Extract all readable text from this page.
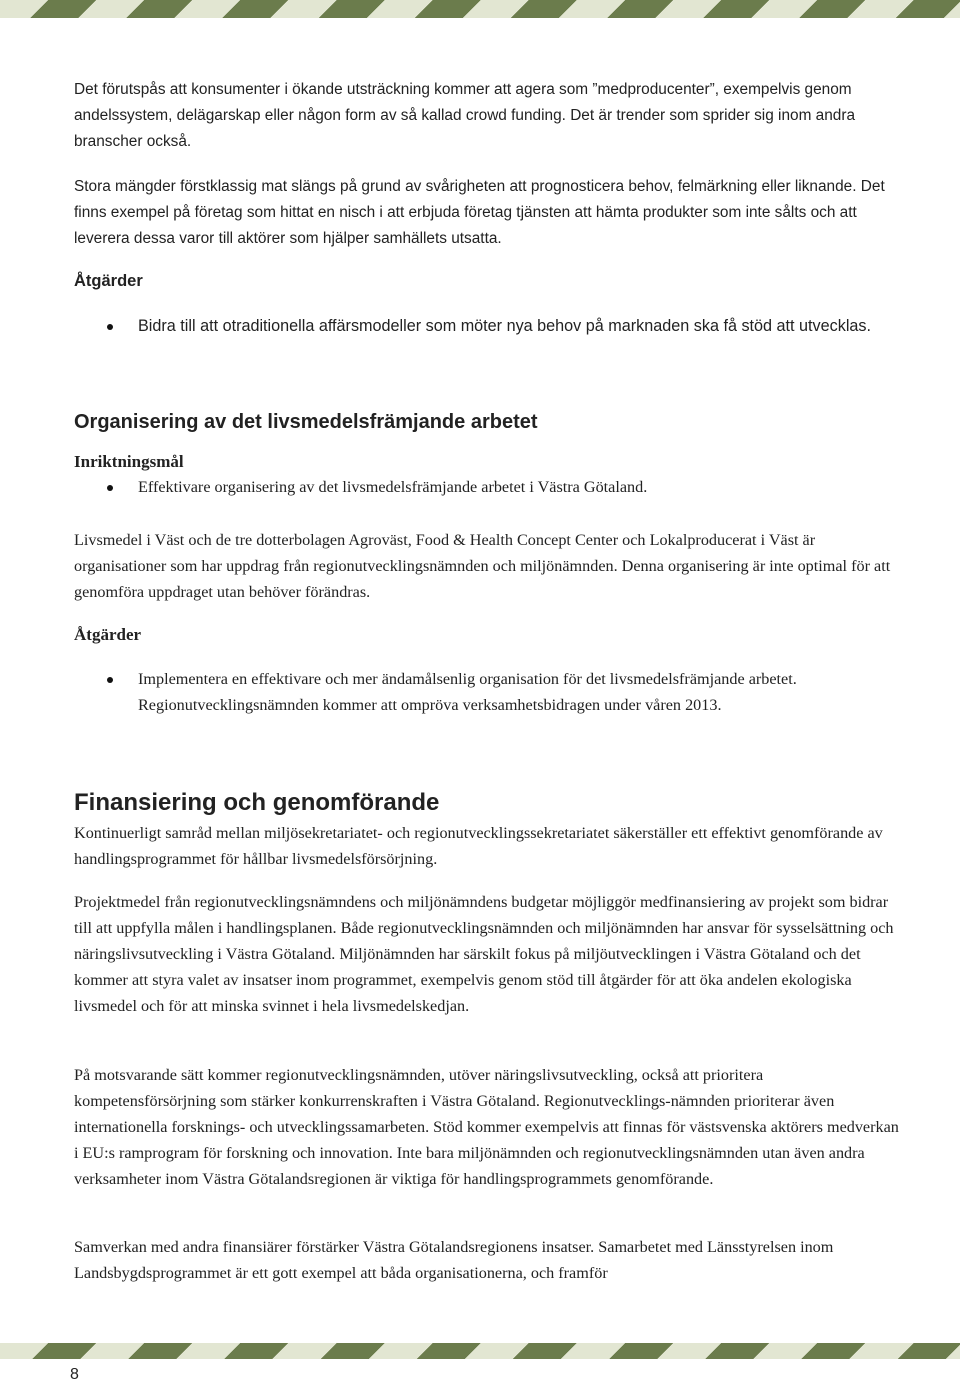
Det förutspås att konsumenter i ökande utsträckning kommer att agera som ”medproducenter”, exempelvis genom andelssystem, delägarskap eller någon form av så kallad crowd funding. Det är trender som sprider sig inom andra branscher också.

Stora mängder förstklassig mat slängs på grund av svårigheten att prognosticera behov, felmärkning eller liknande. Det finns exempel på företag som hittat en nisch i att erbjuda företag tjänsten att hämta produkter som inte sålts och att leverera dessa varor till aktörer som hjälper samhällets utsatta.

Åtgärder
Bidra till att otraditionella affärsmodeller som möter nya behov på marknaden ska få stöd att utvecklas.
Organisering av det livsmedelsfrämjande arbetet
Inriktningsmål
Effektivare organisering av det livsmedelsfrämjande arbetet i Västra Götaland.

Livsmedel i Väst och de tre dotterbolagen Agroväst, Food & Health Concept Center och Lokalproducerat i Väst är organisationer som har uppdrag från regionutvecklingsnämnden och miljönämnden. Denna organisering är inte optimal för att genomföra uppdraget utan behöver förändras.

Åtgärder
Implementera en effektivare och mer ändamålsenlig organisation för det livsmedelsfrämjande arbetet. Regionutvecklingsnämnden kommer att ompröva verksamhetsbidragen under våren 2013.
Finansiering och genomförande

Kontinuerligt samråd mellan miljösekretariatet- och regionutvecklingssekretariatet säkerställer ett effektivt genomförande av handlingsprogrammet för hållbar livsmedelsförsörjning.

Projektmedel från regionutvecklingsnämndens och miljönämndens budgetar möjliggör medfinansiering av projekt som bidrar till att uppfylla målen i handlingsplanen. Både regionutvecklingsnämnden och miljönämnden har ansvar för sysselsättning och näringslivsutveckling i Västra Götaland. Miljönämnden har särskilt fokus på miljöutvecklingen i Västra Götaland och det kommer att styra valet av insatser inom programmet, exempelvis genom stöd till åtgärder för att öka andelen ekologiska livsmedel och för att minska svinnet i hela livsmedelskedjan.

På motsvarande sätt kommer regionutvecklingsnämnden, utöver näringslivsutveckling, också att prioritera kompetensförsörjning som stärker konkurrenskraften i Västra Götaland. Regionutvecklings-nämnden prioriterar även internationella forsknings- och utvecklingssamarbeten. Stöd kommer exempelvis att finnas för västsvenska aktörers medverkan i EU:s ramprogram för forskning och innovation. Inte bara miljönämnden och regionutvecklingsnämnden utan även andra verksamheter inom Västra Götalandsregionen är viktiga för handlingsprogrammets genomförande.

Samverkan med andra finansiärer förstärker Västra Götalandsregionens insatser. Samarbetet med Länsstyrelsen inom Landsbygdsprogrammet är ett gott exempel att båda organisationerna, och framför

8
